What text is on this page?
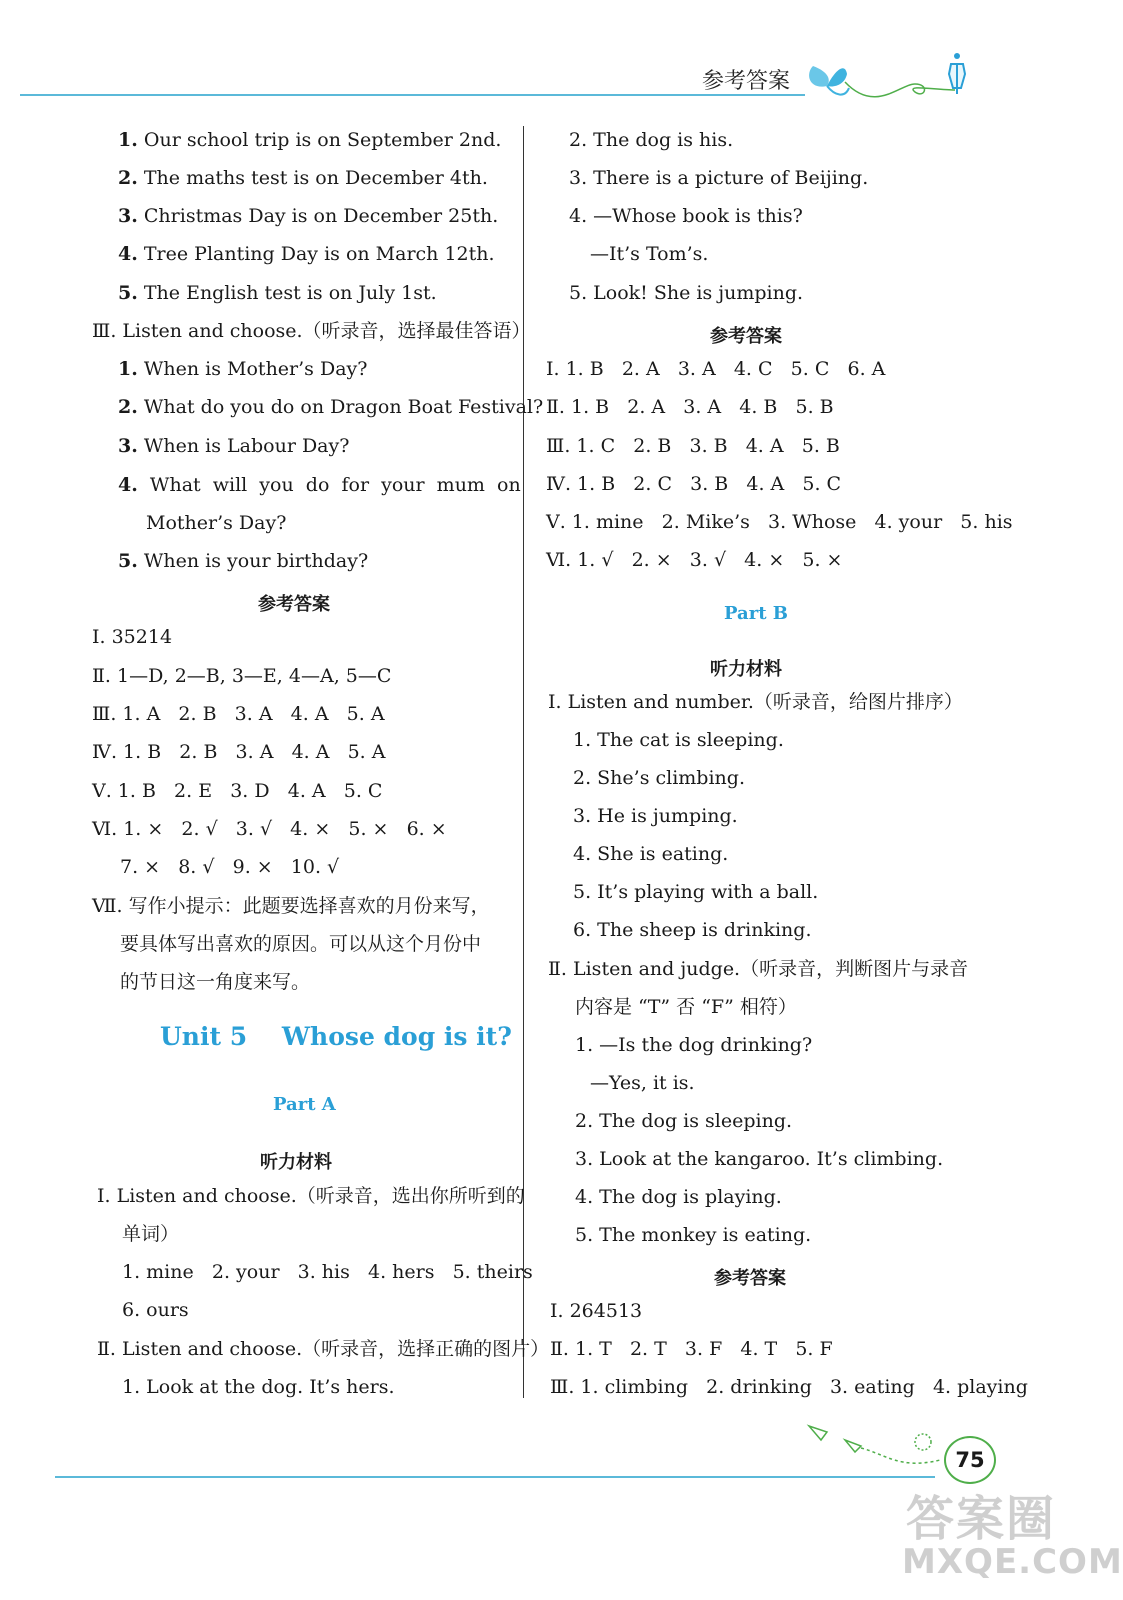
参考答案
1. Our school trip is on September 2nd.
2. The maths test is on December 4th.
3. Christmas Day is on December 25th.
4. Tree Planting Day is on March 12th.
5. The English test is on July 1st.
Ⅲ. Listen and choose.（听录音，选择最佳答语）
1. When is Mother’s Day?
2. What do you do on Dragon Boat Festival?
3. When is Labour Day?
4.  What  will  you  do  for  your  mum  on
Mother’s Day?
5. When is your birthday?
参考答案
Ⅰ. 35214
Ⅱ. 1—D, 2—B, 3—E, 4—A, 5—C
Ⅲ. 1. A   2. B   3. A   4. A   5. A
Ⅳ. 1. B   2. B   3. A   4. A   5. A
Ⅴ. 1. B   2. E   3. D   4. A   5. C
Ⅵ. 1. ×   2. √   3. √   4. ×   5. ×   6. ×
7. ×   8. √   9. ×   10. √
Ⅶ. 写作小提示：此题要选择喜欢的月份来写，
要具体写出喜欢的原因。可以从这个月份中
的节日这一角度来写。
Unit 5    Whose dog is it?
Part A
听力材料
Ⅰ. Listen and choose.（听录音，选出你所听到的
单词）
1. mine   2. your   3. his   4. hers   5. theirs
6. ours
Ⅱ. Listen and choose.（听录音，选择正确的图片）
1. Look at the dog. It’s hers.
2. The dog is his.
3. There is a picture of Beijing.
4. —Whose book is this?
—It’s Tom’s.
5. Look! She is jumping.
参考答案
Ⅰ. 1. B   2. A   3. A   4. C   5. C   6. A
Ⅱ. 1. B   2. A   3. A   4. B   5. B
Ⅲ. 1. C   2. B   3. B   4. A   5. B
Ⅳ. 1. B   2. C   3. B   4. A   5. C
Ⅴ. 1. mine   2. Mike’s   3. Whose   4. your   5. his
Ⅵ. 1. √   2. ×   3. √   4. ×   5. ×
Part B
听力材料
Ⅰ. Listen and number.（听录音，给图片排序）
1. The cat is sleeping.
2. She’s climbing.
3. He is jumping.
4. She is eating.
5. It’s playing with a ball.
6. The sheep is drinking.
Ⅱ. Listen and judge.（听录音，判断图片与录音
内容是 “T” 否 “F” 相符）
1. —Is the dog drinking?
—Yes, it is.
2. The dog is sleeping.
3. Look at the kangaroo. It’s climbing.
4. The dog is playing.
5. The monkey is eating.
参考答案
Ⅰ. 264513
Ⅱ. 1. T   2. T   3. F   4. T   5. F
Ⅲ. 1. climbing   2. drinking   3. eating   4. playing
75
答案圈
MXQE.COM
